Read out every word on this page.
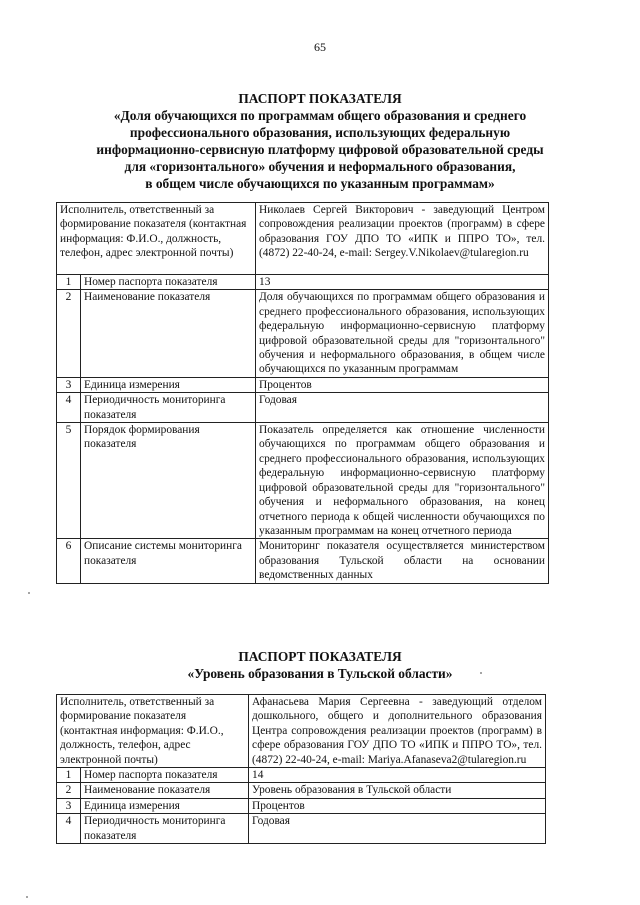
65
ПАСПОРТ ПОКАЗАТЕЛЯ
«Доля обучающихся по программам общего образования и среднего
профессионального образования, использующих федеральную
информационно-сервисную платформу цифровой образовательной среды
для «горизонтального» обучения и неформального образования,
в общем числе обучающихся по указанным программам»
Исполнитель, ответственный за формирование показателя (контактная информация: Ф.И.О., должность, телефон, адрес электронной почты)		Николаев Сергей Викторович - заведующий Центром сопровождения реализации проектов (программ) в сфере образования ГОУ ДПО ТО «ИПК и ППРО ТО», тел. (4872) 22-40-24, e-mail: Sergey.V.Nikolaev@tularegion.ru
1	Номер паспорта показателя	13
2	Наименование показателя	Доля обучающихся по программам общего образования и среднего профессионального образования, использующих федеральную информационно-сервисную платформу цифровой образовательной среды для "горизонтального" обучения и неформального образования, в общем числе обучающихся по указанным программам
3	Единица измерения	Процентов
4	Периодичность мониторинга показателя	Годовая
5	Порядок формирования показателя	Показатель определяется как отношение численности обучающихся по программам общего образования и среднего профессионального образования, использующих федеральную информационно-сервисную платформу цифровой образовательной среды для "горизонтального" обучения и неформального образования, на конец отчетного периода к общей численности обучающихся по указанным программам на конец отчетного периода
6	Описание системы мониторинга показателя	Мониторинг показателя осуществляется министерством образования Тульской области на основании ведомственных данных
ПАСПОРТ ПОКАЗАТЕЛЯ
«Уровень образования в Тульской области»
Исполнитель, ответственный за формирование показателя (контактная информация: Ф.И.О., должность, телефон, адрес электронной почты)		Афанасьева Мария Сергеевна - заведующий отделом дошкольного, общего и дополнительного образования Центра сопровождения реализации проектов (программ) в сфере образования ГОУ ДПО ТО «ИПК и ППРО ТО», тел. (4872) 22-40-24, e-mail: Mariya.Afanaseva2@tularegion.ru
1	Номер паспорта показателя	14
2	Наименование показателя	Уровень образования в Тульской области
3	Единица измерения	Процентов
4	Периодичность мониторинга показателя	Годовая
